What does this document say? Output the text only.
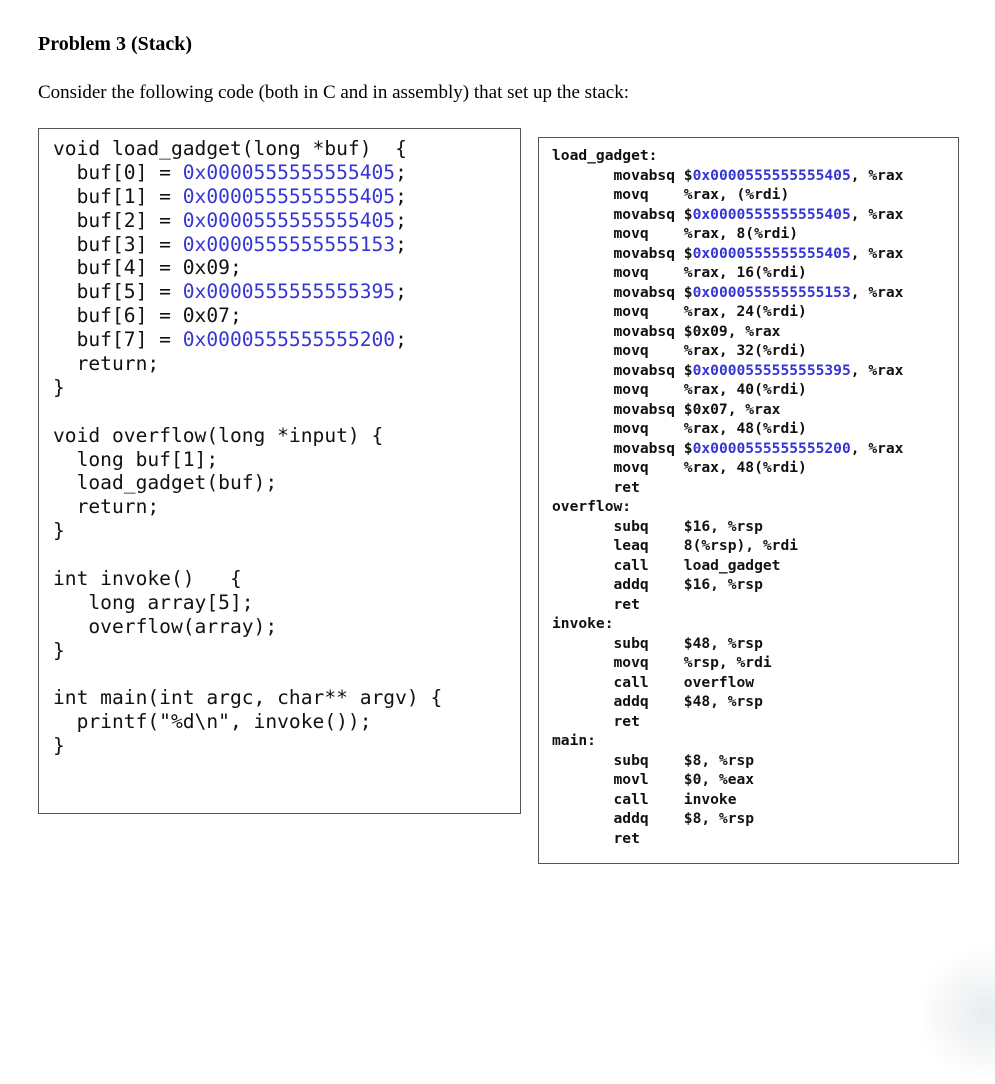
Problem 3 (Stack)
Consider the following code (both in C and in assembly) that set up the stack:
void load_gadget(long *buf)  {
buf[0] = 0x0000555555555405;
buf[1] = 0x0000555555555405;
buf[2] = 0x0000555555555405;
buf[3] = 0x0000555555555153;
buf[4] = 0x09;
buf[5] = 0x0000555555555395;
buf[6] = 0x07;
buf[7] = 0x0000555555555200;
return;
}
void overflow(long *input) {
long buf[1];
load_gadget(buf);
return;
}
int invoke()   {
long array[5];
overflow(array);
}
int main(int argc, char** argv) {
printf("%d\n", invoke());
}
load_gadget:
movabsq $0x0000555555555405, %rax
movq    %rax, (%rdi)
movabsq $0x0000555555555405, %rax
movq    %rax, 8(%rdi)
movabsq $0x0000555555555405, %rax
movq    %rax, 16(%rdi)
movabsq $0x0000555555555153, %rax
movq    %rax, 24(%rdi)
movabsq $0x09, %rax
movq    %rax, 32(%rdi)
movabsq $0x0000555555555395, %rax
movq    %rax, 40(%rdi)
movabsq $0x07, %rax
movq    %rax, 48(%rdi)
movabsq $0x0000555555555200, %rax
movq    %rax, 48(%rdi)
ret
overflow:
subq    $16, %rsp
leaq    8(%rsp), %rdi
call    load_gadget
addq    $16, %rsp
ret
invoke:
subq    $48, %rsp
movq    %rsp, %rdi
call    overflow
addq    $48, %rsp
ret
main:
subq    $8, %rsp
movl    $0, %eax
call    invoke
addq    $8, %rsp
ret
